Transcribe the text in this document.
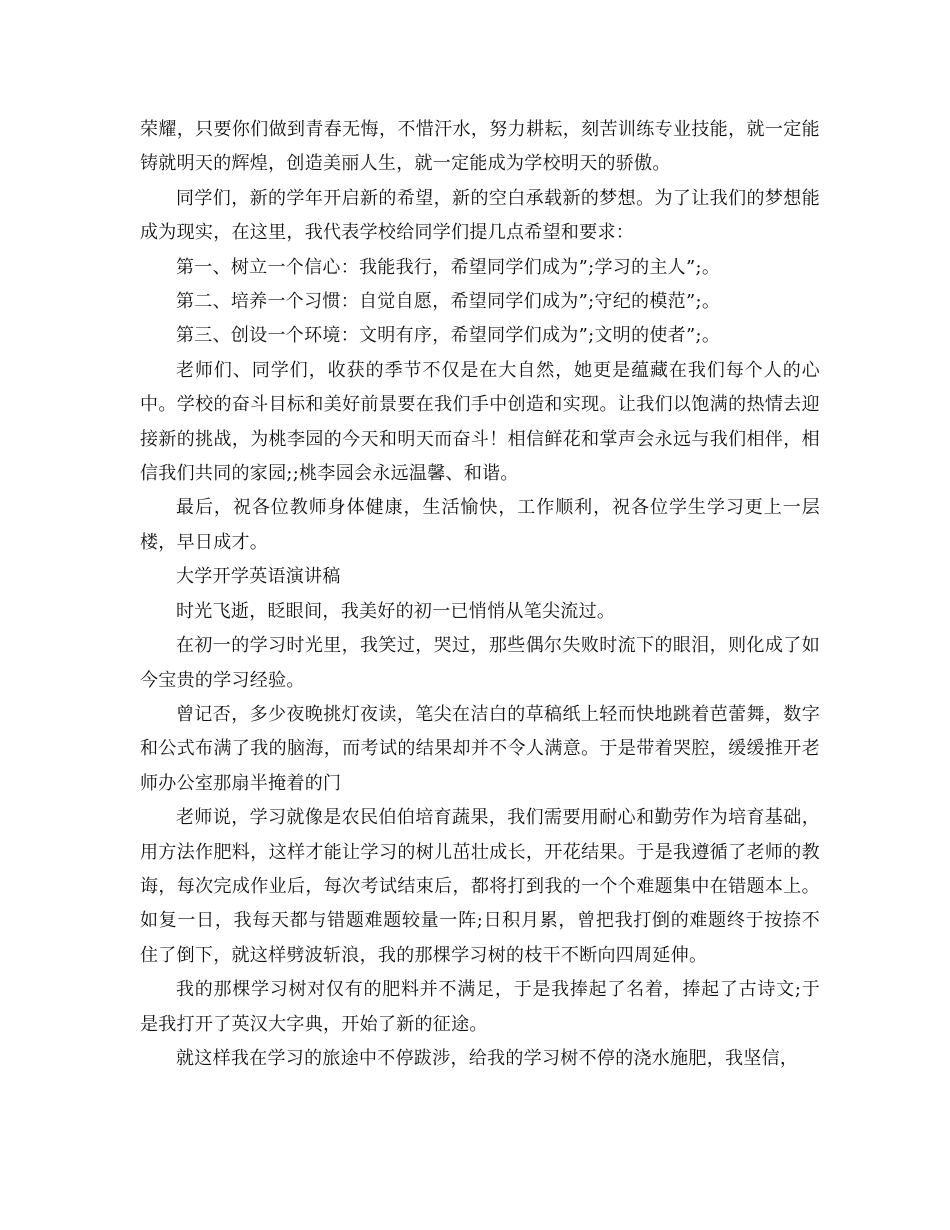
荣耀，只要你们做到青春无悔，不惜汗水，努力耕耘，刻苦训练专业技能，就一定能铸就明天的辉煌，创造美丽人生，就一定能成为学校明天的骄傲。

同学们，新的学年开启新的希望，新的空白承载新的梦想。为了让我们的梦想能成为现实，在这里，我代表学校给同学们提几点希望和要求：

第一、树立一个信心：我能我行，希望同学们成为”;学习的主人”;。

第二、培养一个习惯：自觉自愿，希望同学们成为”;守纪的模范”;。

第三、创设一个环境：文明有序，希望同学们成为”;文明的使者”;。

老师们、同学们，收获的季节不仅是在大自然，她更是蕴藏在我们每个人的心中。学校的奋斗目标和美好前景要在我们手中创造和实现。让我们以饱满的热情去迎接新的挑战，为桃李园的今天和明天而奋斗！相信鲜花和掌声会永远与我们相伴，相信我们共同的家园;;桃李园会永远温馨、和谐。

最后，祝各位教师身体健康，生活愉快，工作顺利，祝各位学生学习更上一层楼，早日成才。

大学开学英语演讲稿

时光飞逝，眨眼间，我美好的初一已悄悄从笔尖流过。

在初一的学习时光里，我笑过，哭过，那些偶尔失败时流下的眼泪，则化成了如今宝贵的学习经验。

曾记否，多少夜晚挑灯夜读，笔尖在洁白的草稿纸上轻而快地跳着芭蕾舞，数字和公式布满了我的脑海，而考试的结果却并不令人满意。于是带着哭腔，缓缓推开老师办公室那扇半掩着的门

老师说，学习就像是农民伯伯培育蔬果，我们需要用耐心和勤劳作为培育基础，用方法作肥料，这样才能让学习的树儿茁壮成长，开花结果。于是我遵循了老师的教诲，每次完成作业后，每次考试结束后，都将打到我的一个个难题集中在错题本上。如复一日，我每天都与错题难题较量一阵;日积月累，曾把我打倒的难题终于按捺不住了倒下，就这样劈波斩浪，我的那棵学习树的枝干不断向四周延伸。

我的那棵学习树对仅有的肥料并不满足，于是我捧起了名着，捧起了古诗文;于是我打开了英汉大字典，开始了新的征途。

就这样我在学习的旅途中不停跋涉，给我的学习树不停的浇水施肥，我坚信，
